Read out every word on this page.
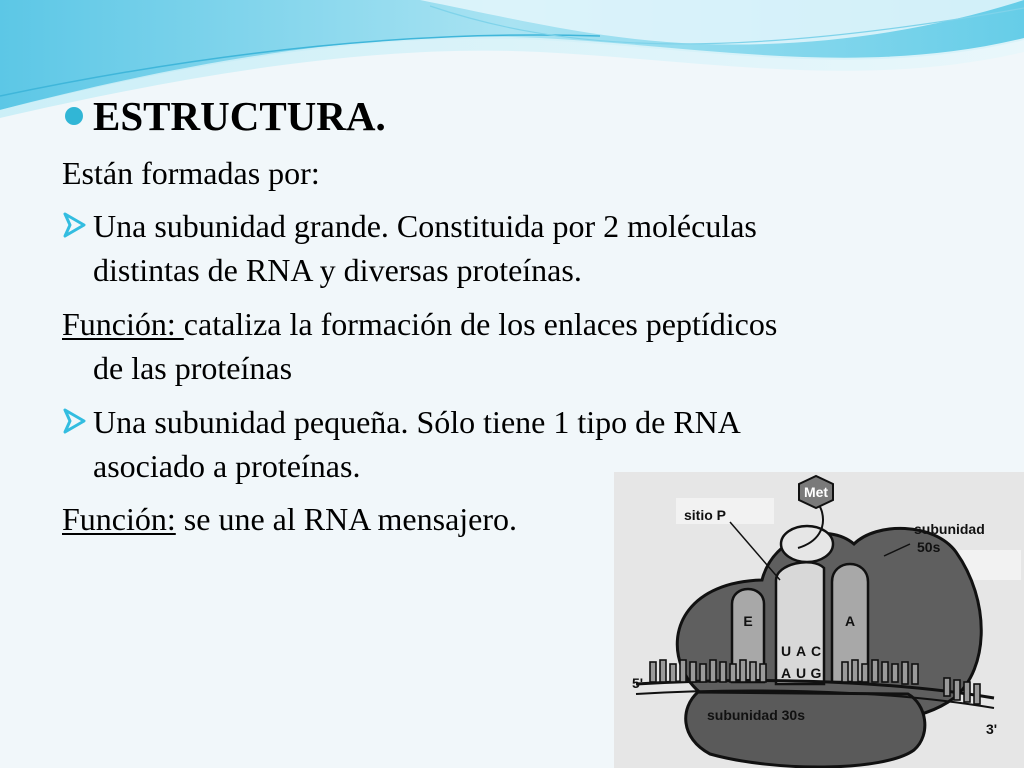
ESTRUCTURA.
Están formadas por:
Una subunidad grande. Constituida por 2 moléculas
distintas de RNA y diversas proteínas.
Función: cataliza la formación de los enlaces peptídicos
de las proteínas
Una subunidad pequeña. Sólo tiene 1 tipo de RNA
asociado a proteínas.
Función: se une al RNA mensajero.
Met
U A C
A U G
sitio P
subunidad
50s
E	A
5'
3'
subunidad 30s
